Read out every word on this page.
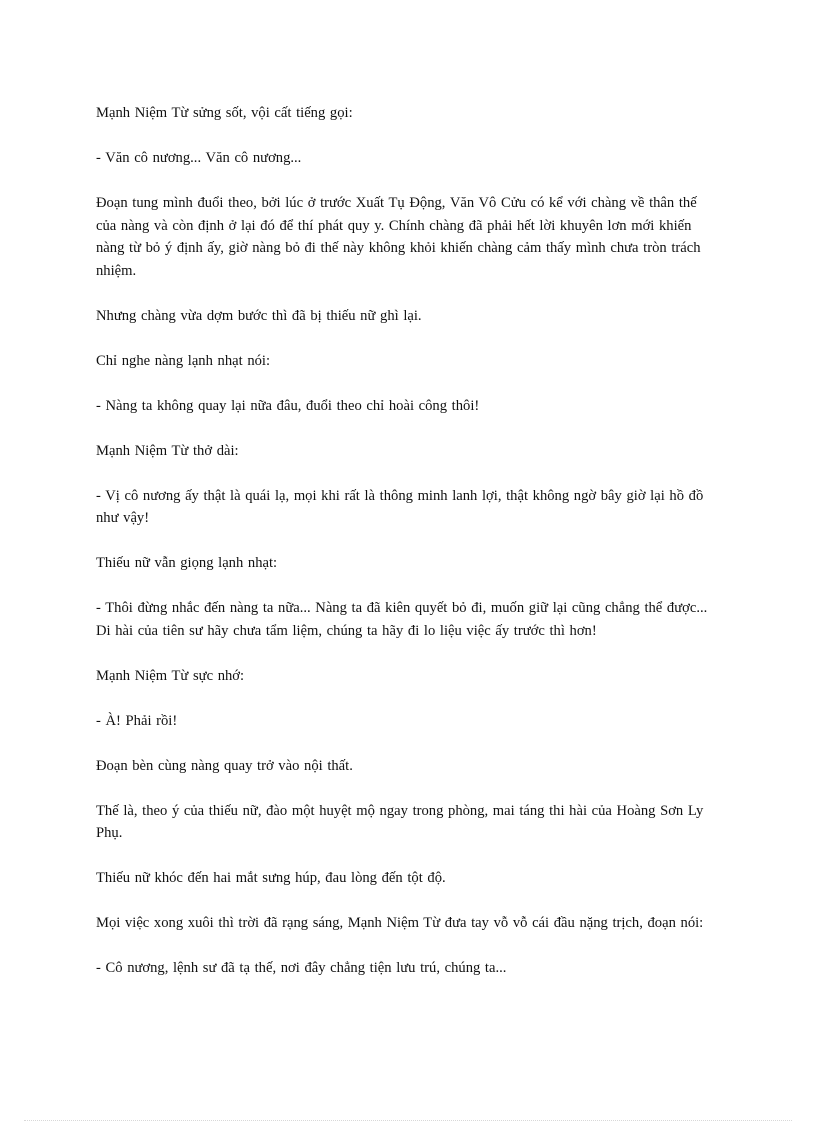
Mạnh Niệm Từ sửng sốt, vội cất tiếng gọi:

- Văn cô nương... Văn cô nương...

Đoạn tung mình đuổi theo, bởi lúc ở trước Xuất Tụ Động, Văn Vô Cửu có kể với chàng về thân thế của nàng và còn định ở lại đó để thí phát quy y. Chính chàng đã phải hết lời khuyên lơn mới khiến nàng từ bỏ ý định ấy, giờ nàng bỏ đi thế này không khỏi khiến chàng cảm thấy mình chưa tròn trách nhiệm.

Nhưng chàng vừa dợm bước thì đã bị thiếu nữ ghì lại.

Chỉ nghe nàng lạnh nhạt nói:

- Nàng ta không quay lại nữa đâu, đuổi theo chỉ hoài công thôi!

Mạnh Niệm Từ thở dài:

- Vị cô nương ấy thật là quái lạ, mọi khi rất là thông minh lanh lợi, thật không ngờ bây giờ lại hồ đồ như vậy!

Thiếu nữ vẫn giọng lạnh nhạt:

- Thôi đừng nhắc đến nàng ta nữa... Nàng ta đã kiên quyết bỏ đi, muốn giữ lại cũng chẳng thể được... Di hài của tiên sư hãy chưa tẩm liệm, chúng ta hãy đi lo liệu việc ấy trước thì hơn!

Mạnh Niệm Từ sực nhớ:

- À! Phải rồi!

Đoạn bèn cùng nàng quay trở vào nội thất.

Thế là, theo ý của thiếu nữ, đào một huyệt mộ ngay trong phòng, mai táng thi hài của Hoàng Sơn Ly Phụ.

Thiếu nữ khóc đến hai mắt sưng húp, đau lòng đến tột độ.

Mọi việc xong xuôi thì trời đã rạng sáng, Mạnh Niệm Từ đưa tay vỗ vỗ cái đầu nặng trịch, đoạn nói:

- Cô nương, lệnh sư đã tạ thế, nơi đây chẳng tiện lưu trú, chúng ta...
